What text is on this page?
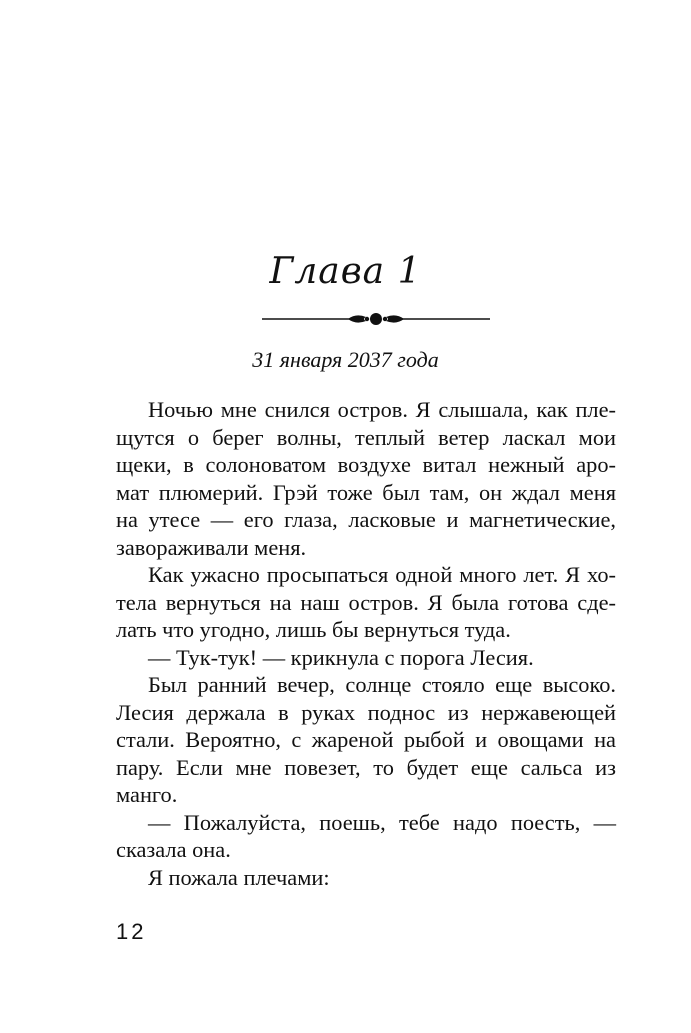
Глава 1
31 января 2037 года

Ночью мне снился остров. Я слышала, как пле-
щутся о берег волны, теплый ветер ласкал мои
щеки, в солоноватом воздухе витал нежный аро-
мат плюмерий. Грэй тоже был там, он ждал меня
на утесе — его глаза, ласковые и магнетические,
завораживали меня.

Как ужасно просыпаться одной много лет. Я хо-
тела вернуться на наш остров. Я была готова сде-
лать что угодно, лишь бы вернуться туда.

— Тук-тук! — крикнула с порога Лесия.

Был ранний вечер, солнце стояло еще высоко.
Лесия держала в руках поднос из нержавеющей
стали. Вероятно, с жареной рыбой и овощами на
пару. Если мне повезет, то будет еще сальса из
манго.

— Пожалуйста, поешь, тебе надо поесть, —
сказала она.

Я пожала плечами:

12
